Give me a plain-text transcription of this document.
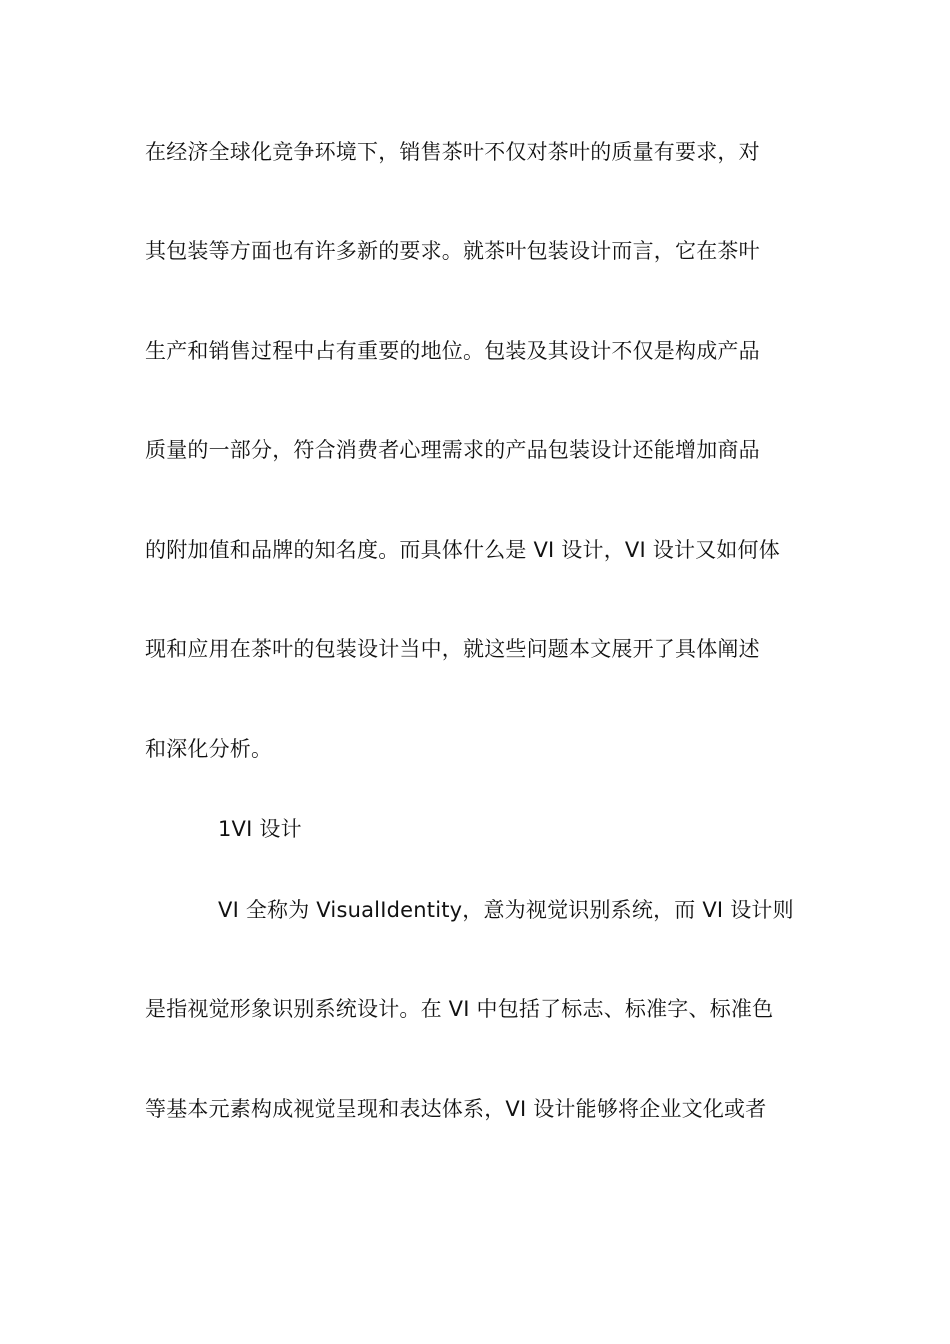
在经济全球化竞争环境下，销售茶叶不仅对茶叶的质量有要求，对
其包装等方面也有许多新的要求。就茶叶包装设计而言，它在茶叶
生产和销售过程中占有重要的地位。包装及其设计不仅是构成产品
质量的一部分，符合消费者心理需求的产品包装设计还能增加商品
的附加值和品牌的知名度。而具体什么是 VI 设计，VI 设计又如何体
现和应用在茶叶的包装设计当中，就这些问题本文展开了具体阐述
和深化分析。
1VI 设计
VI 全称为 VisualIdentity，意为视觉识别系统，而 VI 设计则
是指视觉形象识别系统设计。在 VI 中包括了标志、标准字、标准色
等基本元素构成视觉呈现和表达体系，VI 设计能够将企业文化或者
